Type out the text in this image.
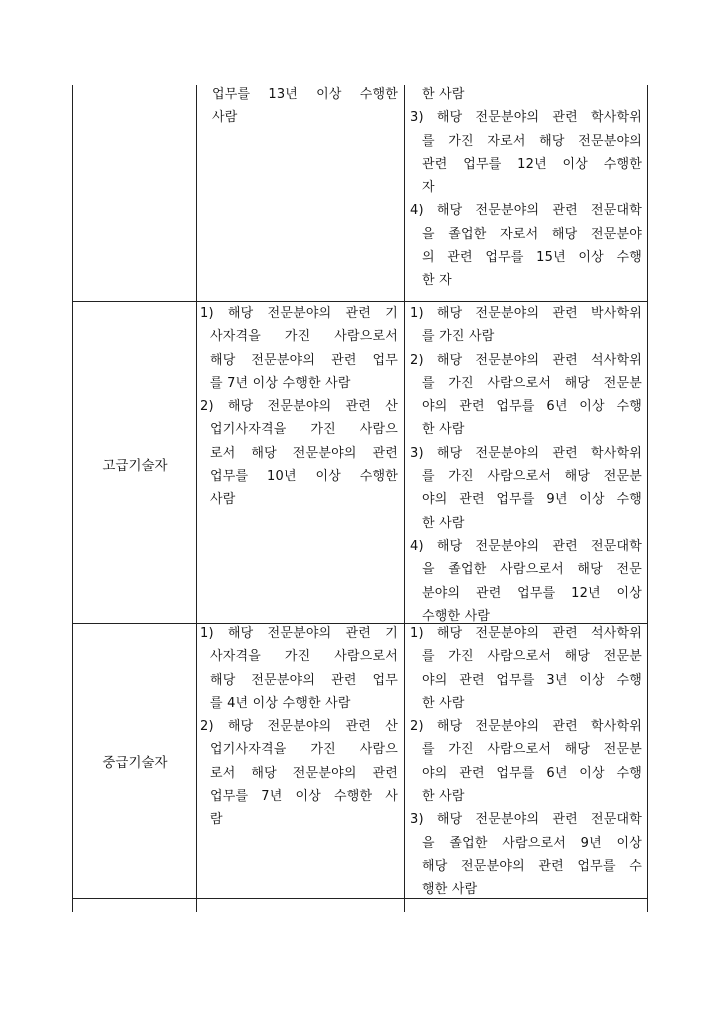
업무를 13년 이상 수행한
사람
한 사람
3) 해당 전문분야의 관련 학사학위
를 가진 자로서 해당 전문분야의
관련 업무를 12년 이상 수행한
자
4) 해당 전문분야의 관련 전문대학
을 졸업한 자로서 해당 전문분야
의 관련 업무를 15년 이상 수행
한 자
고급기술자
1) 해당 전문분야의 관련 기
사자격을 가진 사람으로서
해당 전문분야의 관련 업무
를 7년 이상 수행한 사람
2) 해당 전문분야의 관련 산
업기사자격을 가진 사람으
로서 해당 전문분야의 관련
업무를 10년 이상 수행한
사람
1) 해당 전문분야의 관련 박사학위
를 가진 사람
2) 해당 전문분야의 관련 석사학위
를 가진 사람으로서 해당 전문분
야의 관련 업무를 6년 이상 수행
한 사람
3) 해당 전문분야의 관련 학사학위
를 가진 사람으로서 해당 전문분
야의 관련 업무를 9년 이상 수행
한 사람
4) 해당 전문분야의 관련 전문대학
을 졸업한 사람으로서 해당 전문
분야의 관련 업무를 12년 이상
수행한 사람
중급기술자
1) 해당 전문분야의 관련 기
사자격을 가진 사람으로서
해당 전문분야의 관련 업무
를 4년 이상 수행한 사람
2) 해당 전문분야의 관련 산
업기사자격을 가진 사람으
로서 해당 전문분야의 관련
업무를 7년 이상 수행한 사
람
1) 해당 전문분야의 관련 석사학위
를 가진 사람으로서 해당 전문분
야의 관련 업무를 3년 이상 수행
한 사람
2) 해당 전문분야의 관련 학사학위
를 가진 사람으로서 해당 전문분
야의 관련 업무를 6년 이상 수행
한 사람
3) 해당 전문분야의 관련 전문대학
을 졸업한 사람으로서 9년 이상
해당 전문분야의 관련 업무를 수
행한 사람
